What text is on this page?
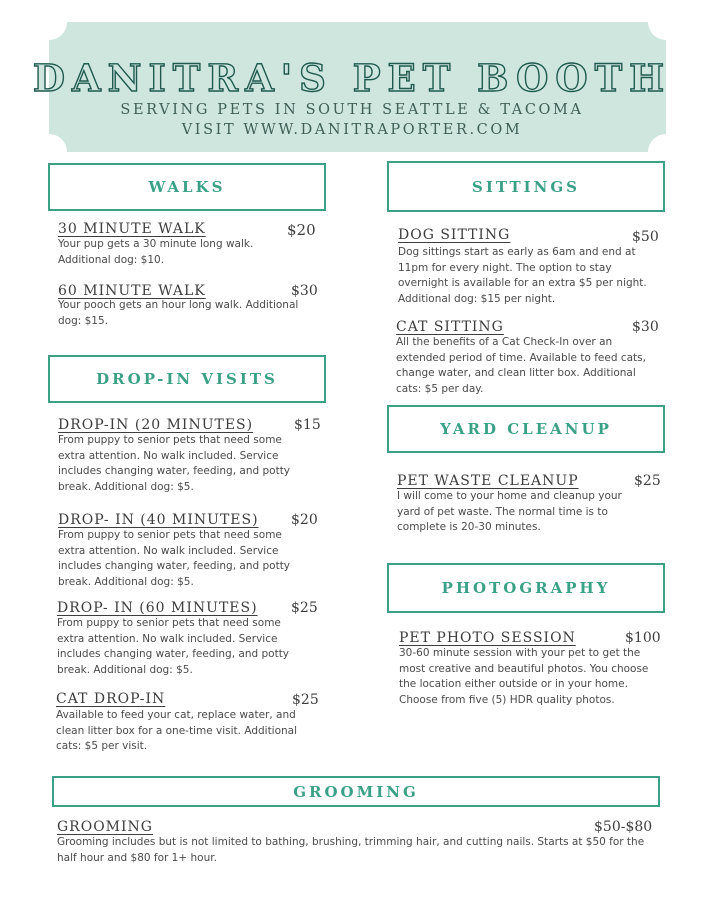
DANITRA'S PET BOOTH
SERVING PETS IN SOUTH SEATTLE & TACOMA
VISIT WWW.DANITRAPORTER.COM
WALKS	SITTINGS
DROP-IN VISITS
YARD CLEANUP
PHOTOGRAPHY
GROOMING
30 MINUTE WALK	$20
Your pup gets a 30 minute long walk. Additional dog: $10.
60 MINUTE WALK	$30
Your pooch gets an hour long walk. Additional dog: $15.
DROP-IN (20 MINUTES)	$15
From puppy to senior pets that need some extra attention. No walk included. Service includes changing water, feeding, and potty break. Additional dog: $5.
DROP- IN (40 MINUTES) $20
From puppy to senior pets that need some extra attention. No walk included. Service includes changing water, feeding, and potty break. Additional dog: $5.
DROP- IN (60 MINUTES) $25
From puppy to senior pets that need some extra attention. No walk included. Service includes changing water, feeding, and potty break. Additional dog: $5.
CAT DROP-IN	$25
Available to feed your cat, replace water, and clean litter box for a one-time visit. Additional cats: $5 per visit.
DOG SITTING	$50
Dog sittings start as early as 6am and end at 11pm for every night. The option to stay overnight is available for an extra $5 per night. Additional dog: $15 per night.
CAT SITTING	$30
All the benefits of a Cat Check-In over an extended period of time. Available to feed cats, change water, and clean litter box. Additional cats: $5 per day.
PET WASTE CLEANUP	$25
I will come to your home and cleanup your yard of pet waste. The normal time is to complete is 20-30 minutes.
PET PHOTO SESSION	$100
30-60 minute session with your pet to get the most creative and beautiful photos. You choose the location either outside or in your home. Choose from five (5) HDR quality photos.
GROOMING	$50-$80
Grooming includes but is not limited to bathing, brushing, trimming hair, and cutting nails. Starts at $50 for the half hour and $80 for 1+ hour.
